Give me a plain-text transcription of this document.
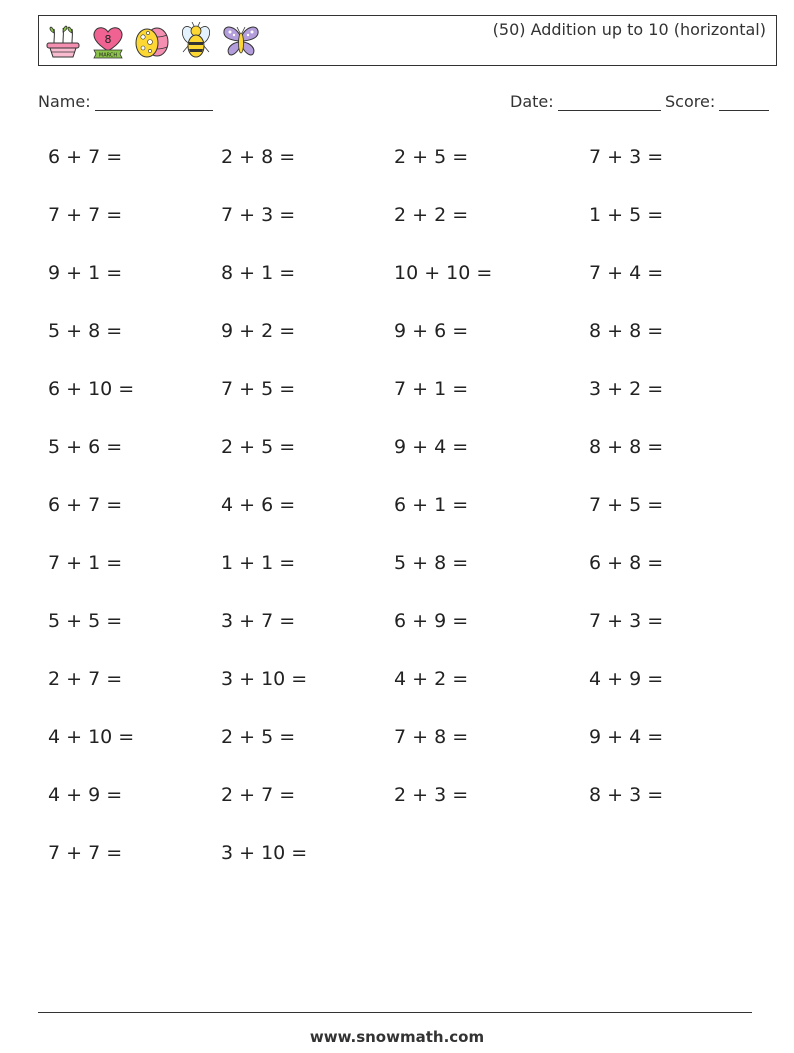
8
MARCH
(50) Addition up to 10 (horizontal)
Name:	Date:	Score:
6 + 7 =	2 + 8 =	2 + 5 =	7 + 3 =
7 + 7 =	7 + 3 =	2 + 2 =	1 + 5 =
9 + 1 =	8 + 1 =	10 + 10 =	7 + 4 =
5 + 8 =	9 + 2 =	9 + 6 =	8 + 8 =
6 + 10 =	7 + 5 =	7 + 1 =	3 + 2 =
5 + 6 =	2 + 5 =	9 + 4 =	8 + 8 =
6 + 7 =	4 + 6 =	6 + 1 =	7 + 5 =
7 + 1 =	1 + 1 =	5 + 8 =	6 + 8 =
5 + 5 =	3 + 7 =	6 + 9 =	7 + 3 =
2 + 7 =	3 + 10 =	4 + 2 =	4 + 9 =
4 + 10 =	2 + 5 =	7 + 8 =	9 + 4 =
4 + 9 =	2 + 7 =	2 + 3 =	8 + 3 =
7 + 7 =	3 + 10 =
www.snowmath.com
